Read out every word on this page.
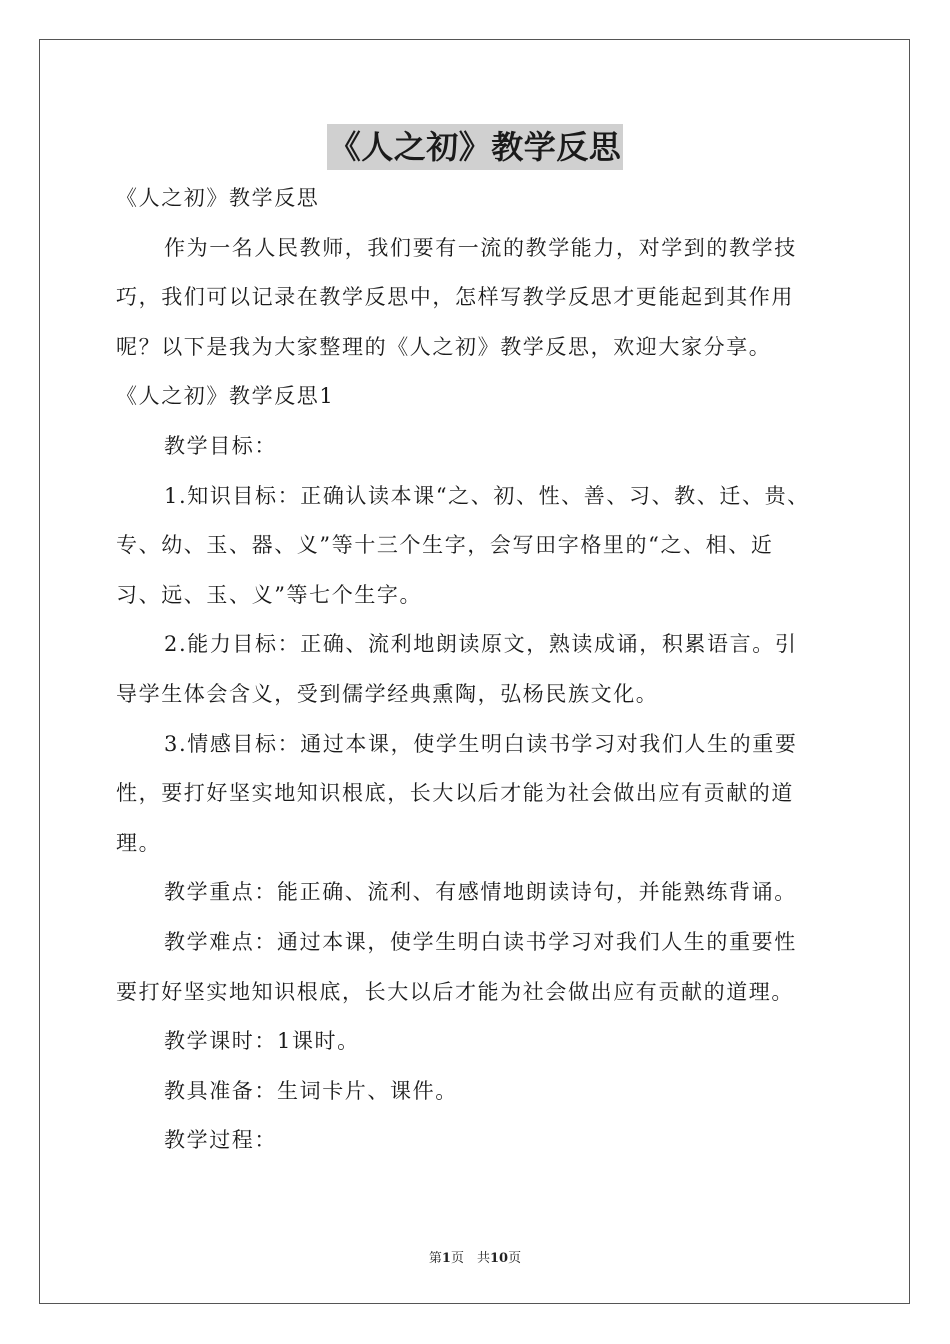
《人之初》教学反思
《人之初》教学反思
作为一名人民教师，我们要有一流的教学能力，对学到的教学技
巧，我们可以记录在教学反思中，怎样写教学反思才更能起到其作用
呢？以下是我为大家整理的《人之初》教学反思，欢迎大家分享。
《人之初》教学反思1
教学目标：
1.知识目标：正确认读本课“之、初、性、善、习、教、迁、贵、
专、幼、玉、器、义”等十三个生字，会写田字格里的“之、相、近
习、远、玉、义”等七个生字。
2.能力目标：正确、流利地朗读原文，熟读成诵，积累语言。引
导学生体会含义，受到儒学经典熏陶，弘杨民族文化。
3.情感目标：通过本课，使学生明白读书学习对我们人生的重要
性，要打好坚实地知识根底，长大以后才能为社会做出应有贡献的道
理。
教学重点：能正确、流利、有感情地朗读诗句，并能熟练背诵。
教学难点：通过本课，使学生明白读书学习对我们人生的重要性
要打好坚实地知识根底，长大以后才能为社会做出应有贡献的道理。
教学课时：1课时。
教具准备：生词卡片、课件。
教学过程：
第1页　共10页
